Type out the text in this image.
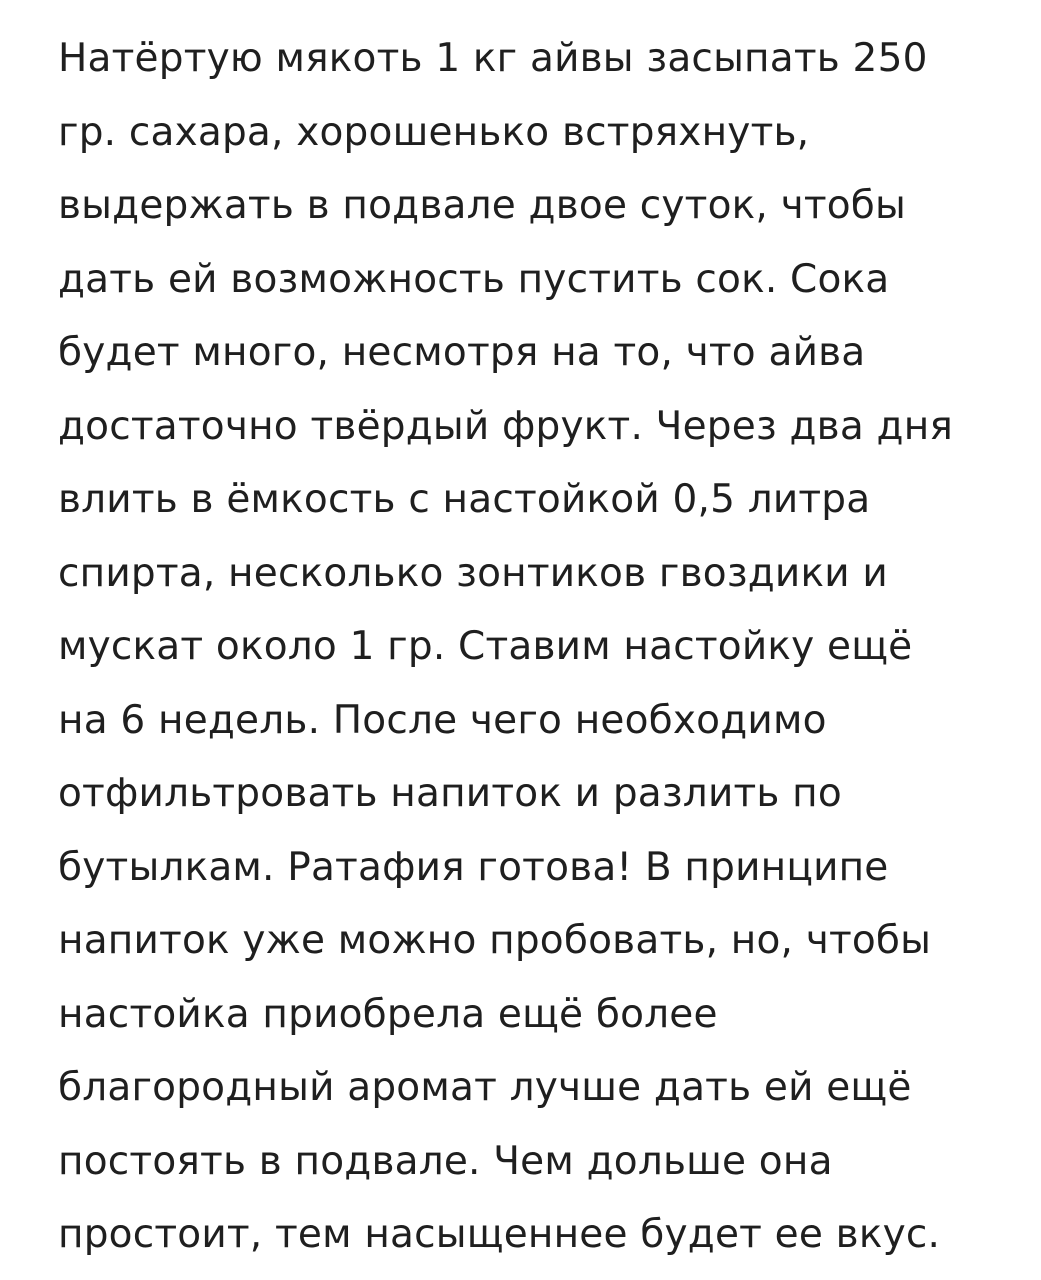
Натёртую мякоть 1 кг айвы засыпать 250
гр. сахара, хорошенько встряхнуть,
выдержать в подвале двое суток, чтобы
дать ей возможность пустить сок. Сока
будет много, несмотря на то, что айва
достаточно твёрдый фрукт. Через два дня
влить в ёмкость с настойкой 0,5 литра
спирта, несколько зонтиков гвоздики и
мускат около 1 гр. Ставим настойку ещё
на 6 недель. После чего необходимо
отфильтровать напиток и разлить по
бутылкам. Ратафия готова! В принципе
напиток уже можно пробовать, но, чтобы
настойка приобрела ещё более
благородный аромат лучше дать ей ещё
постоять в подвале. Чем дольше она
простоит, тем насыщеннее будет ее вкус.
